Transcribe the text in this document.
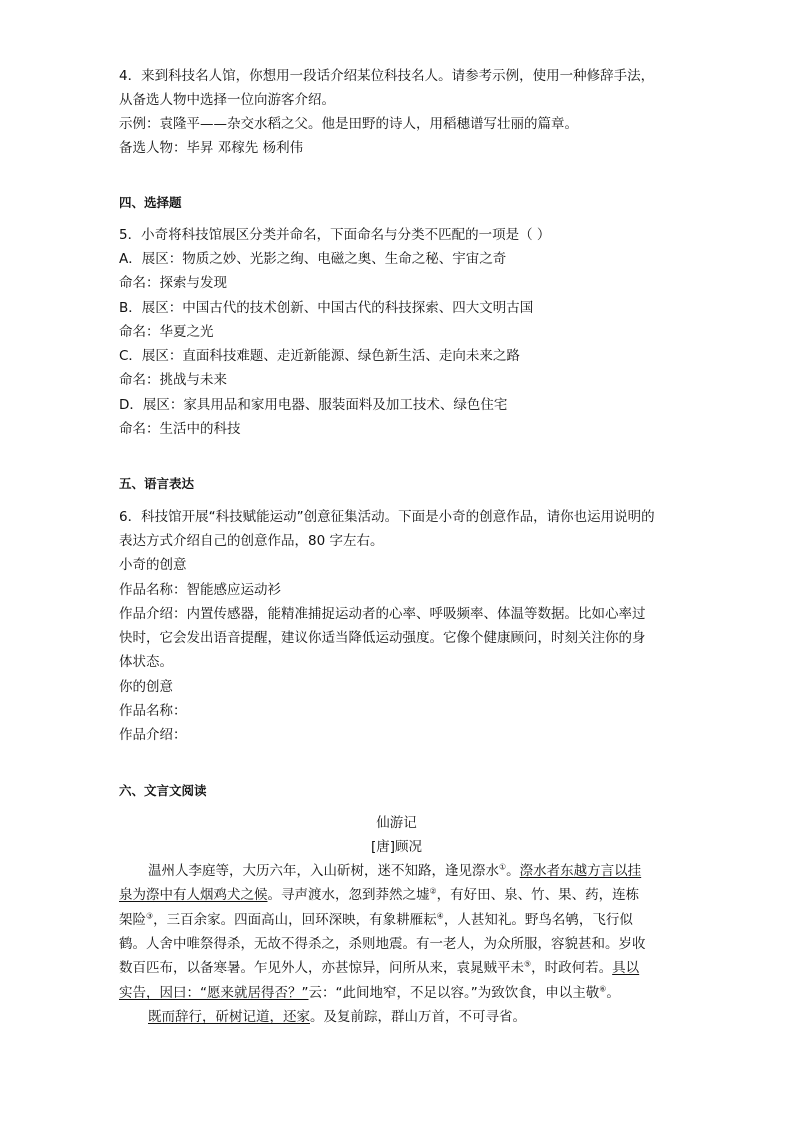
4．来到科技名人馆，你想用一段话介绍某位科技名人。请参考示例，使用一种修辞手法，
从备选人物中选择一位向游客介绍。
示例：袁隆平——杂交水稻之父。他是田野的诗人，用稻穗谱写壮丽的篇章。
备选人物：毕昇 邓稼先 杨利伟
四、选择题
5．小奇将科技馆展区分类并命名，下面命名与分类不匹配的一项是（ ）
A．展区：物质之妙、光影之绚、电磁之奥、生命之秘、宇宙之奇
命名：探索与发现
B．展区：中国古代的技术创新、中国古代的科技探索、四大文明古国
命名：华夏之光
C．展区：直面科技难题、走近新能源、绿色新生活、走向未来之路
命名：挑战与未来
D．展区：家具用品和家用电器、服装面料及加工技术、绿色住宅
命名：生活中的科技
五、语言表达
6．科技馆开展“科技赋能运动”创意征集活动。下面是小奇的创意作品，请你也运用说明的
表达方式介绍自己的创意作品，80 字左右。
小奇的创意
作品名称：智能感应运动衫
作品介绍：内置传感器，能精准捕捉运动者的心率、呼吸频率、体温等数据。比如心率过
快时，它会发出语音提醒，建议你适当降低运动强度。它像个健康顾问，时刻关注你的身
体状态。
你的创意
作品名称：
作品介绍：
六、文言文阅读
仙游记
[唐]顾况
温州人李庭等，大历六年，入山斫树，迷不知路，逢见漈水①。漈水者东越方言以挂
泉为漈中有人烟鸡犬之候。寻声渡水，忽到莽然之墟②，有好田、泉、竹、果、药，连栋
架险③，三百余家。四面高山，回环深映，有象耕雁耘④，人甚知礼。野鸟名鸲，飞行似
鹤。人舍中唯祭得杀，无故不得杀之，杀则地震。有一老人，为众所服，容貌甚和。岁收
数百匹布，以备寒暑。乍见外人，亦甚惊异，问所从来，袁晁贼平未⑤，时政何若。具以
实告，因曰：“愿来就居得否？”云：“此间地窄，不足以容。”为致饮食，申以主敬⑥。
既而辞行，斫树记道，还家。及复前踪，群山万首，不可寻省。
